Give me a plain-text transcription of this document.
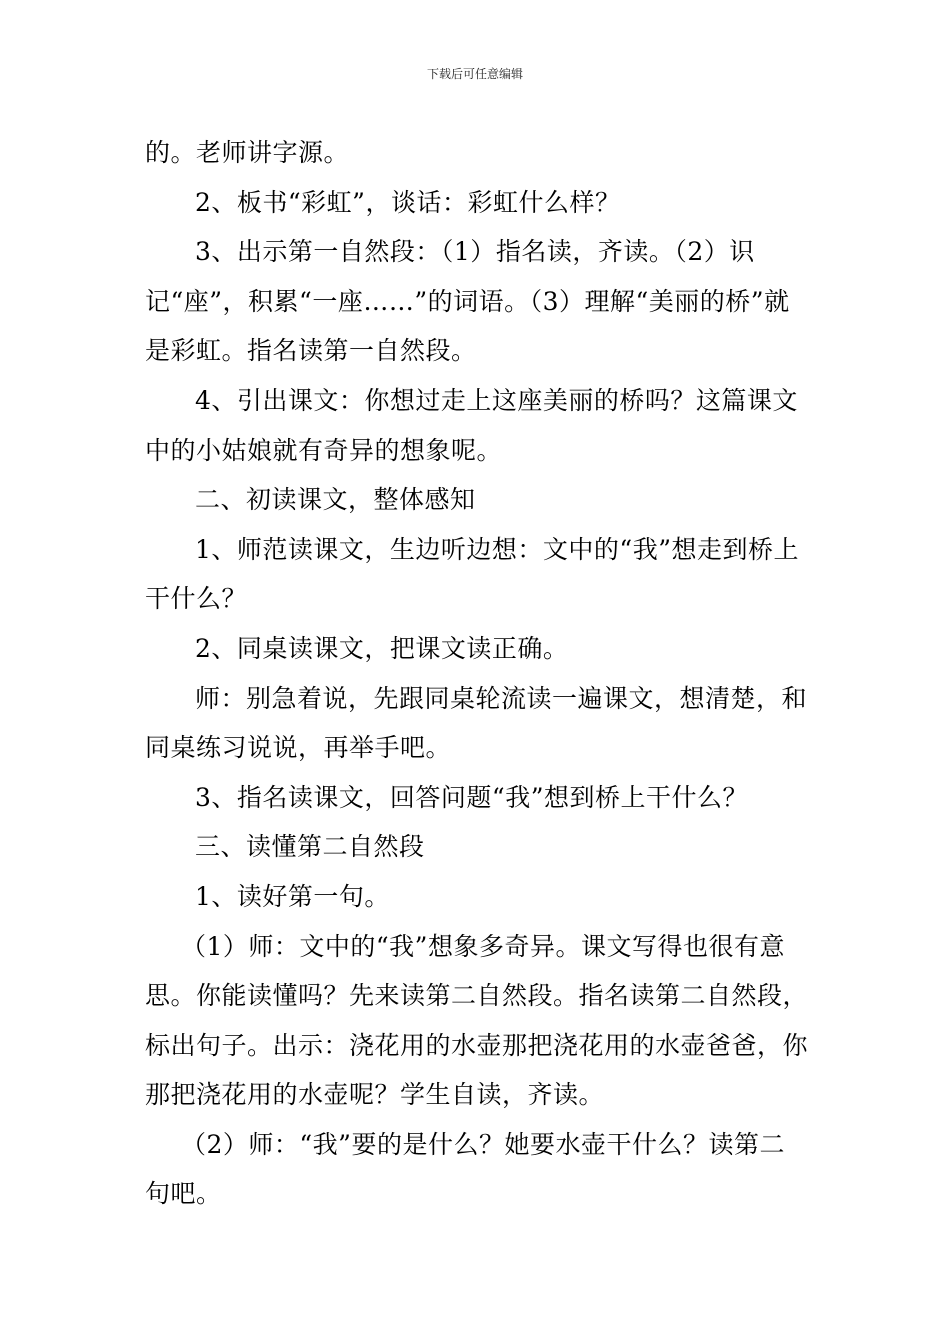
下载后可任意编辑

的。老师讲字源。

2、板书“彩虹”，谈话：彩虹什么样？

3、出示第一自然段：（1）指名读，齐读。（2）识记“座”，积累“一座……”的词语。（3）理解“美丽的桥”就是彩虹。指名读第一自然段。

4、引出课文：你想过走上这座美丽的桥吗？这篇课文中的小姑娘就有奇异的想象呢。

二、初读课文，整体感知

1、师范读课文，生边听边想：文中的“我”想走到桥上干什么？

2、同桌读课文，把课文读正确。

师：别急着说，先跟同桌轮流读一遍课文，想清楚，和同桌练习说说，再举手吧。

3、指名读课文，回答问题“我”想到桥上干什么？

三、读懂第二自然段

1、读好第一句。

（1）师：文中的“我”想象多奇异。课文写得也很有意思。你能读懂吗？先来读第二自然段。指名读第二自然段，标出句子。出示：浇花用的水壶那把浇花用的水壶爸爸，你那把浇花用的水壶呢？学生自读，齐读。

（2）师：“我”要的是什么？她要水壶干什么？读第二句吧。
